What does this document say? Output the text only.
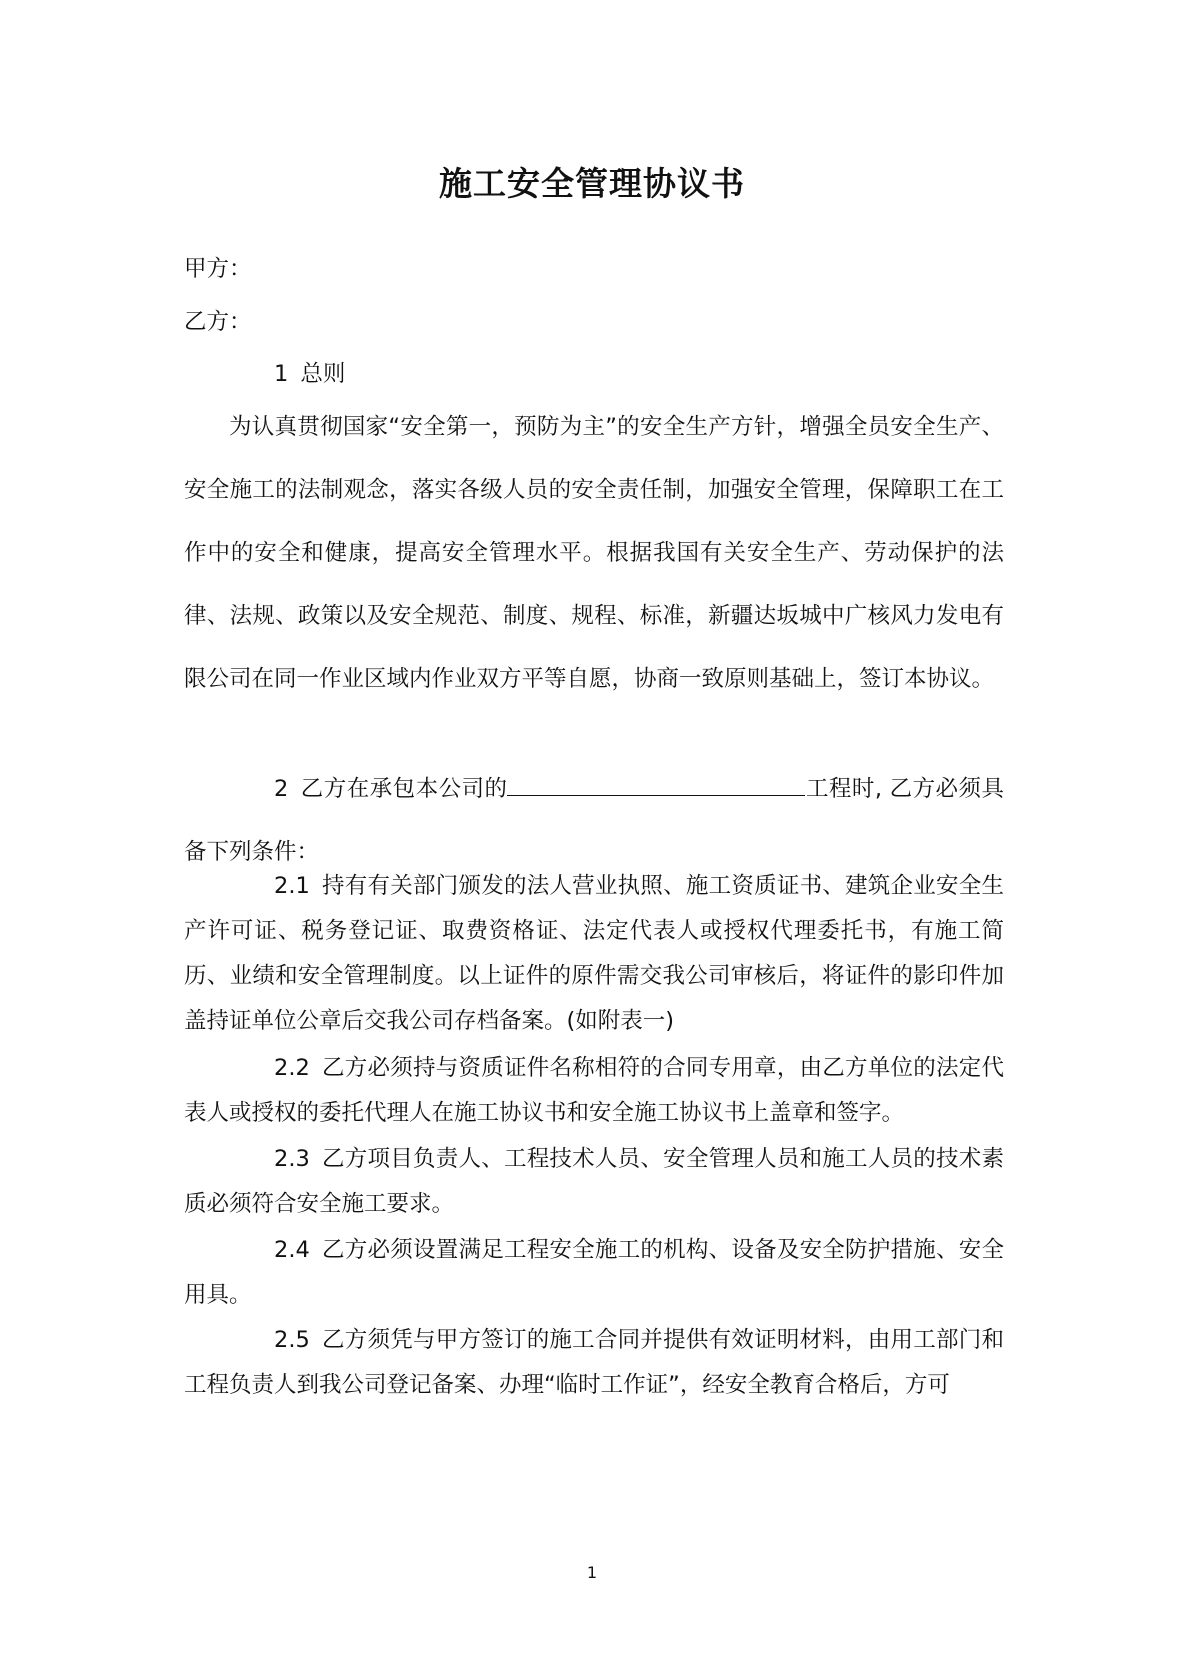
施工安全管理协议书

甲方：

乙方：

1 总则

为认真贯彻国家“安全第一，预防为主”的安全生产方针，增强全员安全生产、安全施工的法制观念，落实各级人员的安全责任制，加强安全管理，保障职工在工作中的安全和健康，提高安全管理水平。根据我国有关安全生产、劳动保护的法律、法规、政策以及安全规范、制度、规程、标准，新疆达坂城中广核风力发电有限公司在同一作业区域内作业双方平等自愿，协商一致原则基础上，签订本协议。

2 乙方在承包本公司的	工程时, 乙方必须具备下列条件：

2.1 持有有关部门颁发的法人营业执照、施工资质证书、建筑企业安全生产许可证、税务登记证、取费资格证、法定代表人或授权代理委托书，有施工简历、业绩和安全管理制度。以上证件的原件需交我公司审核后，将证件的影印件加盖持证单位公章后交我公司存档备案。(如附表一)

2.2 乙方必须持与资质证件名称相符的合同专用章，由乙方单位的法定代表人或授权的委托代理人在施工协议书和安全施工协议书上盖章和签字。

2.3 乙方项目负责人、工程技术人员、安全管理人员和施工人员的技术素质必须符合安全施工要求。

2.4 乙方必须设置满足工程安全施工的机构、设备及安全防护措施、安全用具。

2.5 乙方须凭与甲方签订的施工合同并提供有效证明材料，由用工部门和工程负责人到我公司登记备案、办理“临时工作证”，经安全教育合格后，方可

1
